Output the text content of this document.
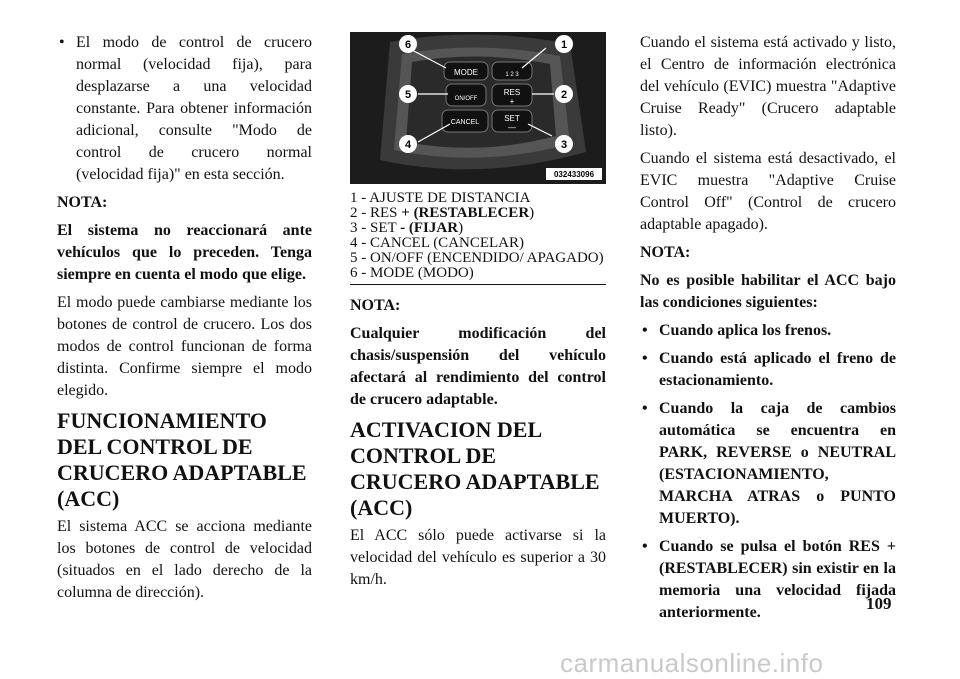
• El modo de control de crucero normal (velocidad fija), para desplazarse a una velocidad constante. Para obtener información adicional, consulte "Modo de control de crucero normal (velocidad fija)" en esta sección.

NOTA:

El sistema no reaccionará ante vehículos que lo preceden. Tenga siempre en cuenta el modo que elige.

El modo puede cambiarse mediante los botones de control de crucero. Los dos modos de control funcionan de forma distinta. Confirme siempre el modo elegido.

FUNCIONAMIENTO DEL CONTROL DE CRUCERO ADAPTABLE (ACC)

El sistema ACC se acciona mediante los botones de control de velocidad (situados en el lado derecho de la columna de dirección).

MODE	1 2 3
ON/OFF
RES
+
CANCEL	SET
—
1
2
3
4
5
6
032433096
1 - AJUSTE DE DISTANCIA
2 - RES + (RESTABLECER)
3 - SET - (FIJAR)
4 - CANCEL (CANCELAR)
5 - ON/OFF (ENCENDIDO/ APAGADO)
6 - MODE (MODO)

NOTA:

Cualquier modificación del chasis/suspensión del vehículo afectará al rendimiento del control de crucero adaptable.

ACTIVACION DEL CONTROL DE CRUCERO ADAPTABLE (ACC)

El ACC sólo puede activarse si la velocidad del vehículo es superior a 30 km/h.

Cuando el sistema está activado y listo, el Centro de información electrónica del vehículo (EVIC) muestra "Adaptive Cruise Ready" (Crucero adaptable listo).

Cuando el sistema está desactivado, el EVIC muestra "Adaptive Cruise Control Off" (Control de crucero adaptable apagado).

NOTA:

No es posible habilitar el ACC bajo las condiciones siguientes:

• Cuando aplica los frenos.
• Cuando está aplicado el freno de estacionamiento.
• Cuando la caja de cambios automática se encuentra en PARK, REVERSE o NEUTRAL (ESTACIONAMIENTO, MARCHA ATRAS o PUNTO MUERTO).
• Cuando se pulsa el botón RES + (RESTABLECER) sin existir en la memoria una velocidad fijada anteriormente.	109
carmanualsonline.info
